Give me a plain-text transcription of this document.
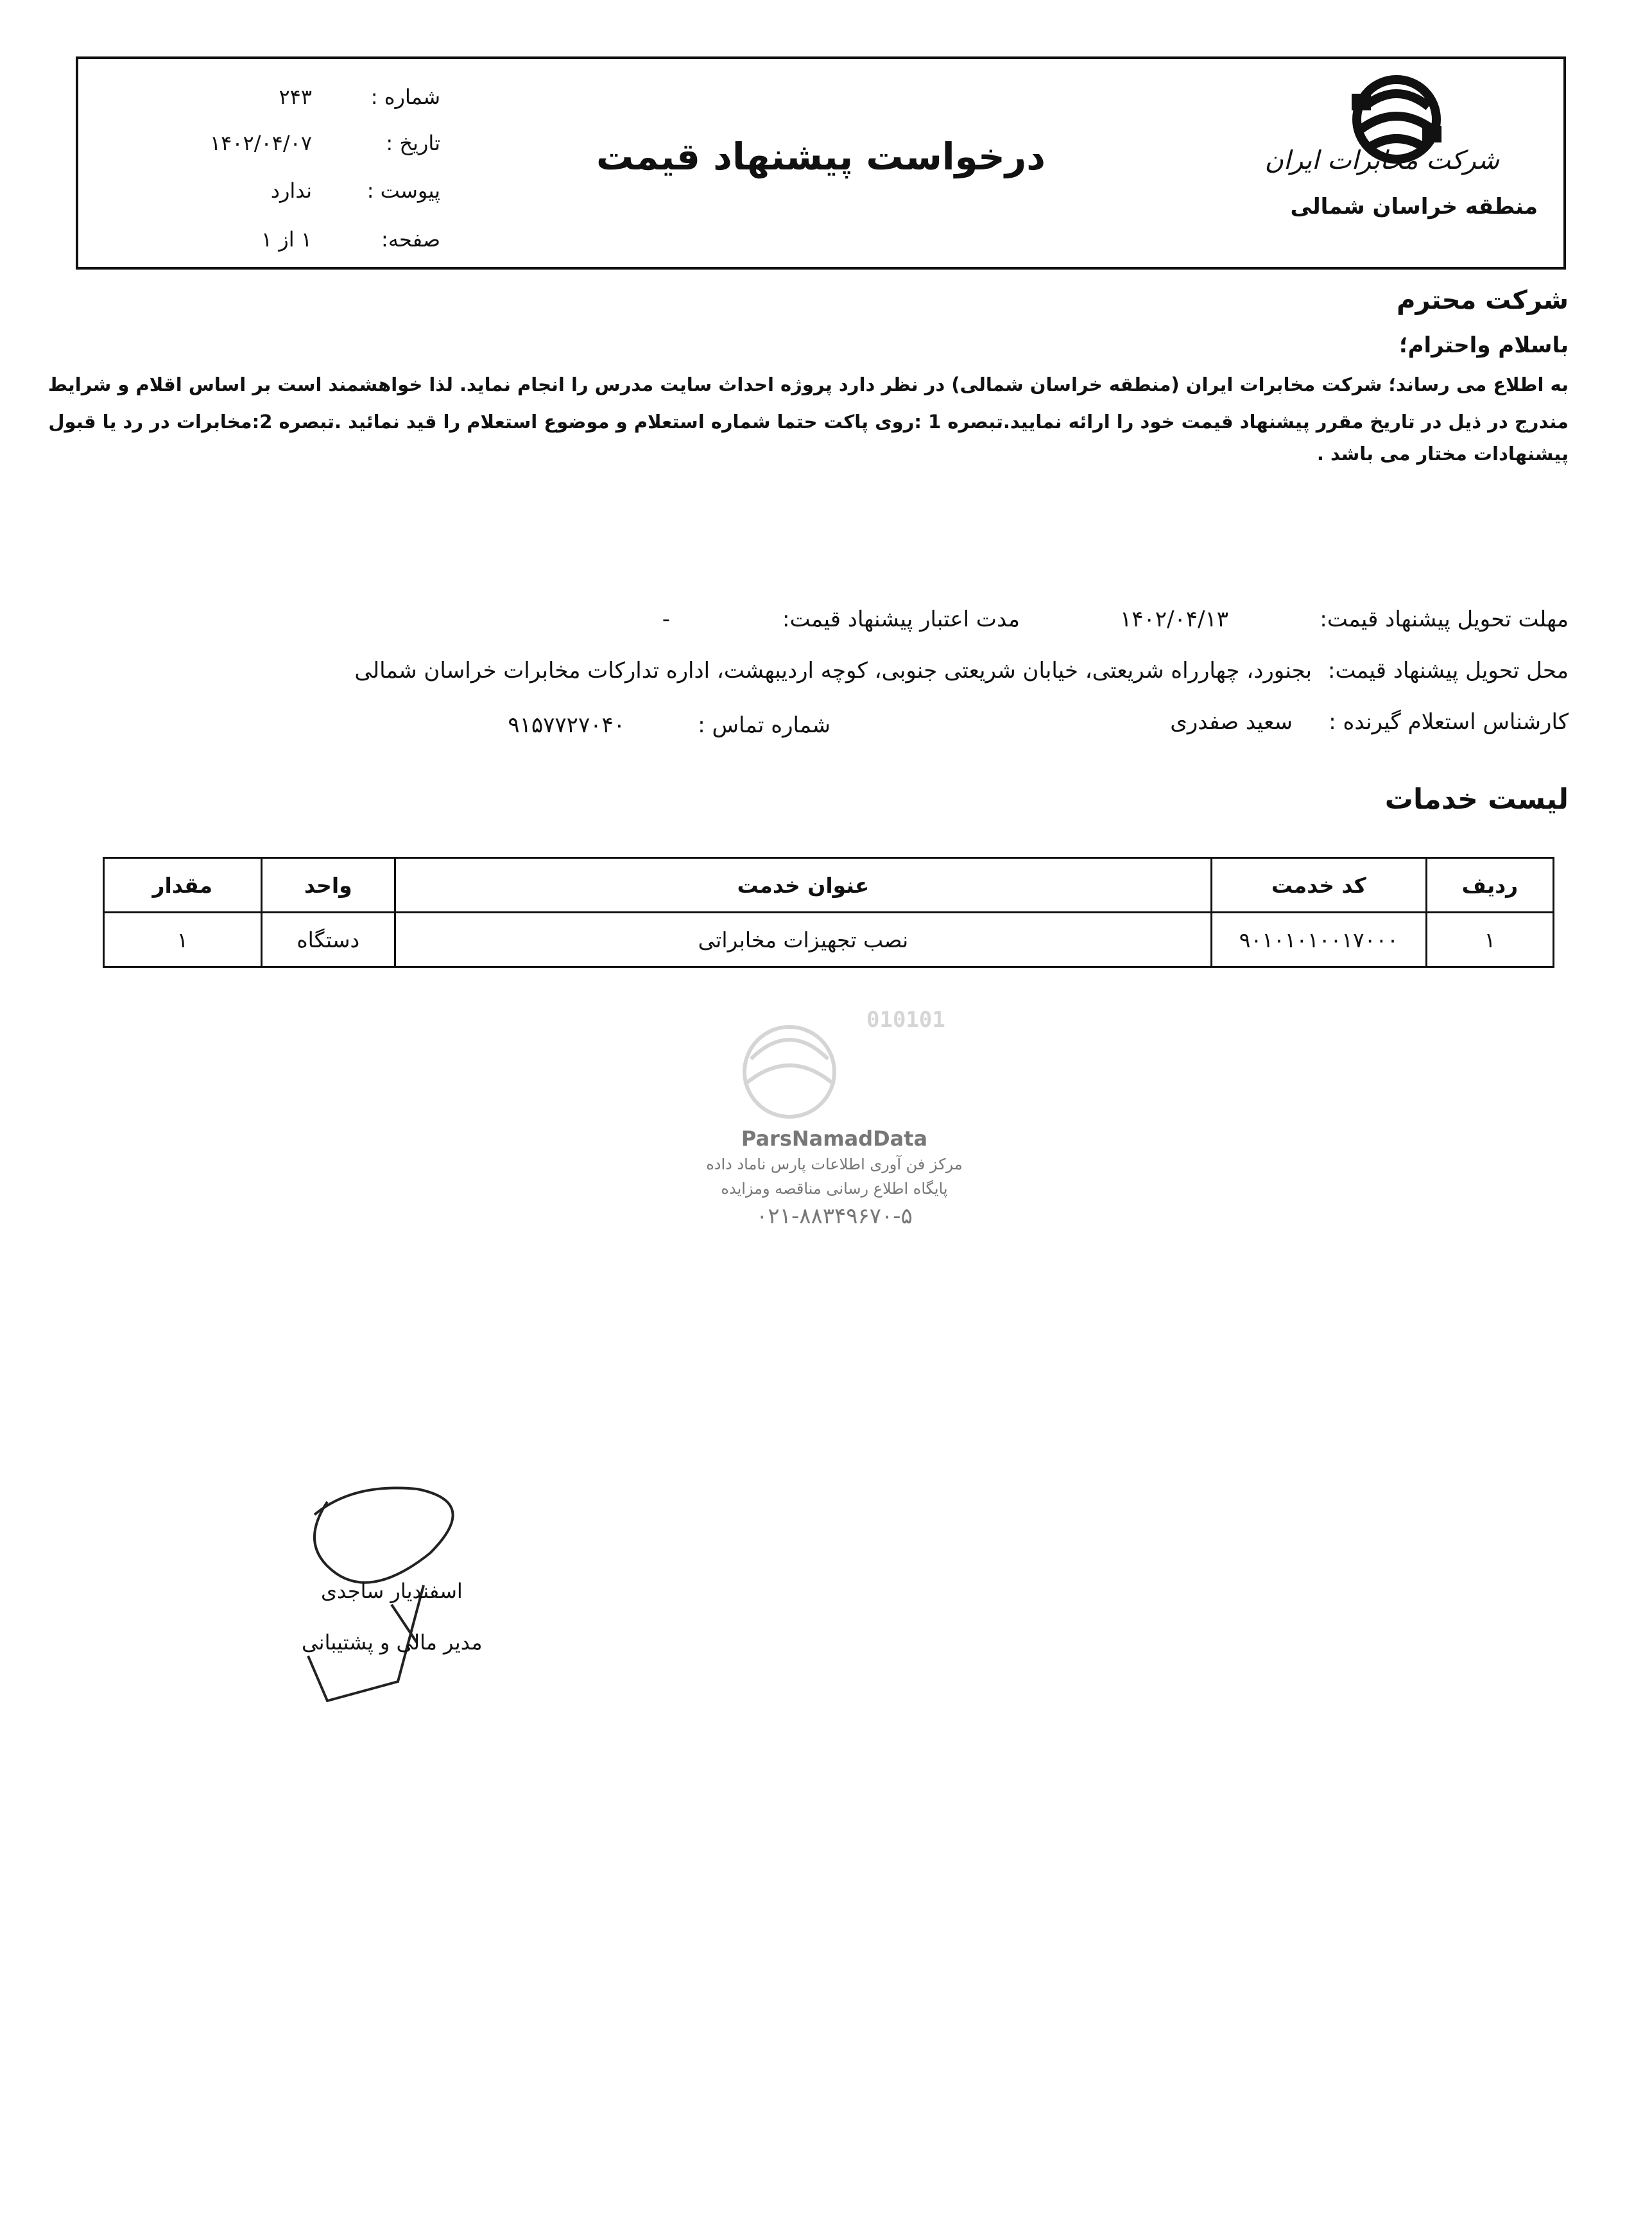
شرکت مخابرات ایران
منطقه خراسان شمالی
درخواست پیشنهاد قیمت
شماره :
۲۴۳
تاریخ :
۱۴۰۲/۰۴/۰۷
پیوست :
ندارد
صفحه:
۱ از ۱
شرکت محترم
باسلام واحترام؛
به اطلاع می رساند؛ شرکت مخابرات ایران (منطقه خراسان شمالی) در نظر دارد پروژه احداث سایت مدرس را انجام نماید. لذا خواهشمند است بر اساس اقلام و شرایط
مندرج در ذیل در تاریخ مقرر پیشنهاد قیمت خود را ارائه نمایید.تبصره 1 :روی پاکت حتما شماره استعلام و موضوع استعلام را قید نمائید .تبصره 2:مخابرات در رد یا قبول
پیشنهادات مختار می باشد .
مهلت تحویل پیشنهاد قیمت:
۱۴۰۲/۰۴/۱۳
مدت اعتبار پیشنهاد قیمت:
-
محل تحویل پیشنهاد قیمت:
بجنورد، چهارراه شریعتی، خیابان شریعتی جنوبی، کوچه اردیبهشت، اداره تدارکات مخابرات خراسان شمالی
کارشناس استعلام گیرنده :
سعید صفدری
شماره تماس :
۹۱۵۷۷۲۷۰۴۰
لیست خدمات
ردیف	کد خدمت	عنوان خدمت	واحد	مقدار
۱	۹۰۱۰۱۰۱۰۰۱۷۰۰۰	نصب تجهیزات مخابراتی	دستگاه	۱
010101
ParsNamadData
مرکز فن آوری اطلاعات پارس ناماد داده
پایگاه اطلاع رسانی مناقصه ومزایده
۰۲۱-۸۸۳۴۹۶۷۰-۵
اسفندیار ساجدی
مدیر مالی و پشتیبانی
